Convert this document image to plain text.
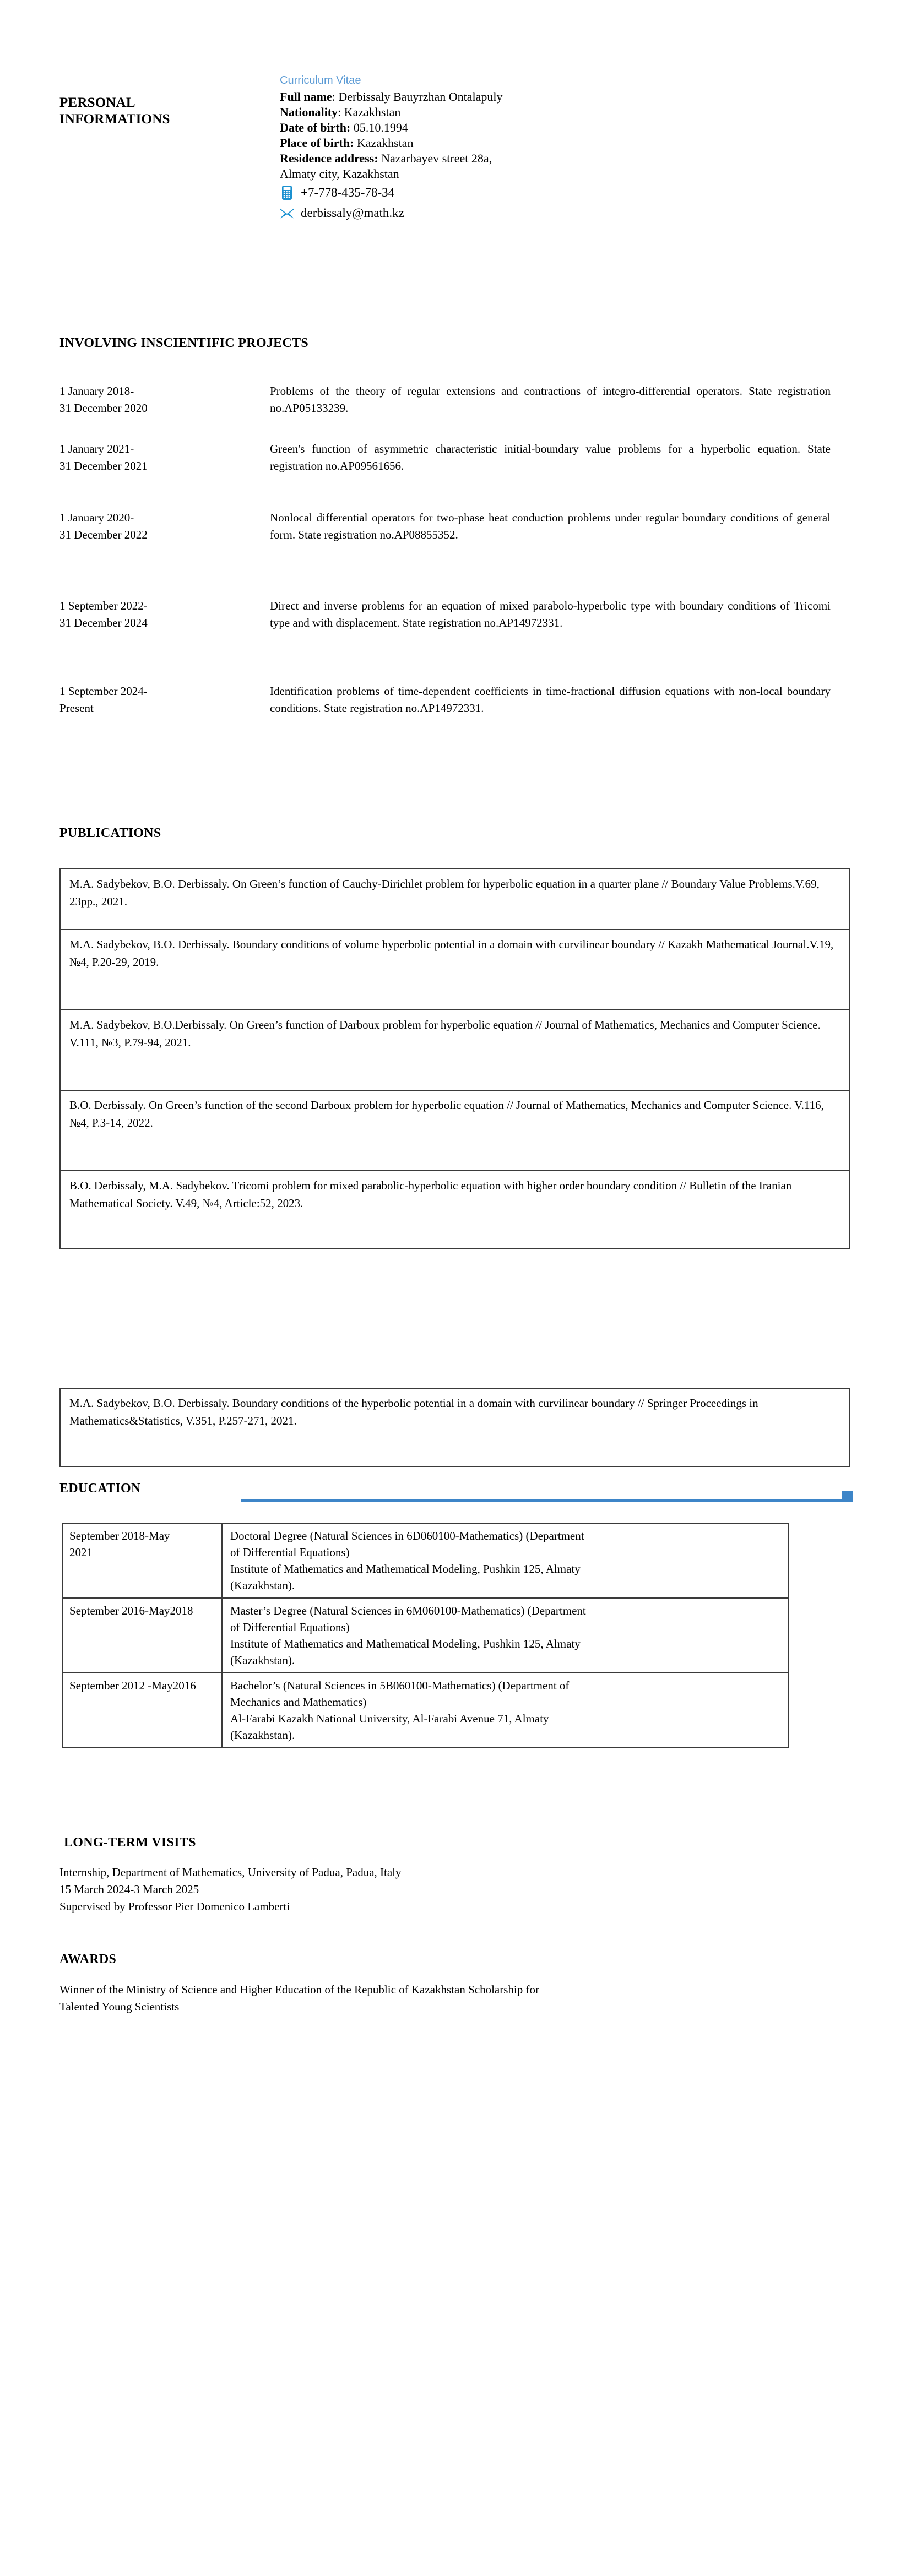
PERSONAL
INFORMATIONS
Curriculum Vitae
Full name: Derbissaly Bauyrzhan Ontalapuly
Nationality: Kazakhstan
Date of birth: 05.10.1994
Place of birth: Kazakhstan
Residence address: Nazarbayev street 28a,
Almaty city, Kazakhstan
+7-778-435-78-34
derbissaly@math.kz
INVOLVING INSCIENTIFIC PROJECTS
1 January 2018-
31 December 2020
Problems of the theory of regular extensions and contractions of integro-differential operators. State registration no.AP05133239.
1 January 2021-
31 December 2021
Green's function of asymmetric characteristic initial-boundary value problems for a hyperbolic equation. State registration no.AP09561656.
1 January 2020-
31 December 2022
Nonlocal differential operators for two-phase heat conduction problems under regular boundary conditions of general form. State registration no.AP08855352.
1 September 2022-
31 December 2024
Direct and inverse problems for an equation of mixed parabolo-hyperbolic type with boundary conditions of Tricomi type and with displacement. State registration no.AP14972331.
1 September 2024-
Present
Identification problems of time-dependent coefficients in time-fractional diffusion equations with non-local boundary conditions. State registration no.AP14972331.
PUBLICATIONS
M.A. Sadybekov, B.O. Derbissaly. On Green’s function of Cauchy-Dirichlet problem for hyperbolic equation in a quarter plane // Boundary Value Problems.V.69, 23pp., 2021.
M.A. Sadybekov, B.O. Derbissaly. Boundary conditions of volume hyperbolic potential in a domain with curvilinear boundary // Kazakh Mathematical Journal.V.19, №4, P.20-29, 2019.
M.A. Sadybekov, B.O.Derbissaly. On Green’s function of Darboux problem for hyperbolic equation // Journal of Mathematics, Mechanics and Computer Science. V.111, №3, P.79-94, 2021.
B.O. Derbissaly. On Green’s function of the second Darboux problem for hyperbolic equation // Journal of Mathematics, Mechanics and Computer Science. V.116, №4, P.3-14, 2022.
B.O. Derbissaly, M.A. Sadybekov. Tricomi problem for mixed parabolic-hyperbolic equation with higher order boundary condition // Bulletin of the Iranian Mathematical Society. V.49, №4, Article:52, 2023.
M.A. Sadybekov, B.O. Derbissaly. Boundary conditions of the hyperbolic potential in a domain with curvilinear boundary // Springer Proceedings in Mathematics&Statistics, V.351, P.257-271, 2021.
EDUCATION
September 2018-May
2021
Doctoral Degree (Natural Sciences in 6D060100-Mathematics) (Department
of Differential Equations)
Institute of Mathematics and Mathematical Modeling, Pushkin 125, Almaty
(Kazakhstan).
September 2016-May2018	Master’s Degree (Natural Sciences in 6M060100-Mathematics) (Department
of Differential Equations)
Institute of Mathematics and Mathematical Modeling, Pushkin 125, Almaty
(Kazakhstan).
September 2012 -May2016	Bachelor’s (Natural Sciences in 5B060100-Mathematics) (Department of
Mechanics and Mathematics)
Al-Farabi Kazakh National University, Al-Farabi Avenue 71, Almaty
(Kazakhstan).
LONG-TERM VISITS
Internship, Department of Mathematics, University of Padua, Padua, Italy
15 March 2024-3 March 2025
Supervised by Professor Pier Domenico Lamberti
AWARDS
Winner of the Ministry of Science and Higher Education of the Republic of Kazakhstan Scholarship for
Talented Young Scientists
